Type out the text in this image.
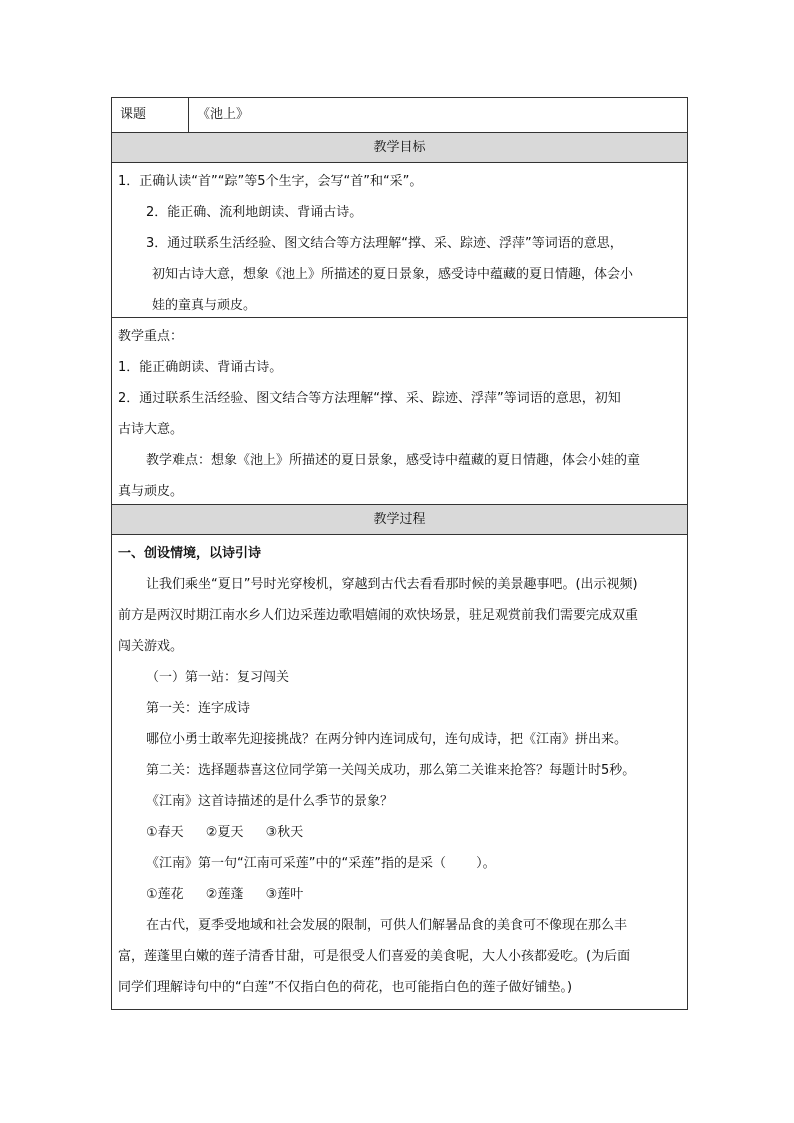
课题	《池上》
教学目标
1．正确认读“首”“踪”等5个生字，会写“首”和“采”。
2．能正确、流利地朗读、背诵古诗。
3．通过联系生活经验、图文结合等方法理解“撑、采、踪迹、浮萍”等词语的意思，
初知古诗大意，想象《池上》所描述的夏日景象，感受诗中蕴藏的夏日情趣，体会小
娃的童真与顽皮。
教学重点：
1．能正确朗读、背诵古诗。
2．通过联系生活经验、图文结合等方法理解“撑、采、踪迹、浮萍”等词语的意思，初知
古诗大意。
教学难点：想象《池上》所描述的夏日景象，感受诗中蕴藏的夏日情趣，体会小娃的童
真与顽皮。
教学过程
一、创设情境，以诗引诗
让我们乘坐“夏日”号时光穿梭机，穿越到古代去看看那时候的美景趣事吧。(出示视频)
前方是两汉时期江南水乡人们边采莲边歌唱嬉闹的欢快场景，驻足观赏前我们需要完成双重
闯关游戏。
（一）第一站：复习闯关
第一关：连字成诗
哪位小勇士敢率先迎接挑战？在两分钟内连词成句，连句成诗，把《江南》拼出来。
第二关：选择题恭喜这位同学第一关闯关成功，那么第二关谁来抢答？每题计时5秒。
《江南》这首诗描述的是什么季节的景象？
①春天 ②夏天 ③秋天
《江南》第一句“江南可采莲”中的“采莲”指的是采（　　 ）。
①莲花 ②莲蓬 ③莲叶
在古代，夏季受地域和社会发展的限制，可供人们解暑品食的美食可不像现在那么丰
富，莲蓬里白嫩的莲子清香甘甜，可是很受人们喜爱的美食呢，大人小孩都爱吃。(为后面
同学们理解诗句中的“白莲”不仅指白色的荷花，也可能指白色的莲子做好铺垫。)
